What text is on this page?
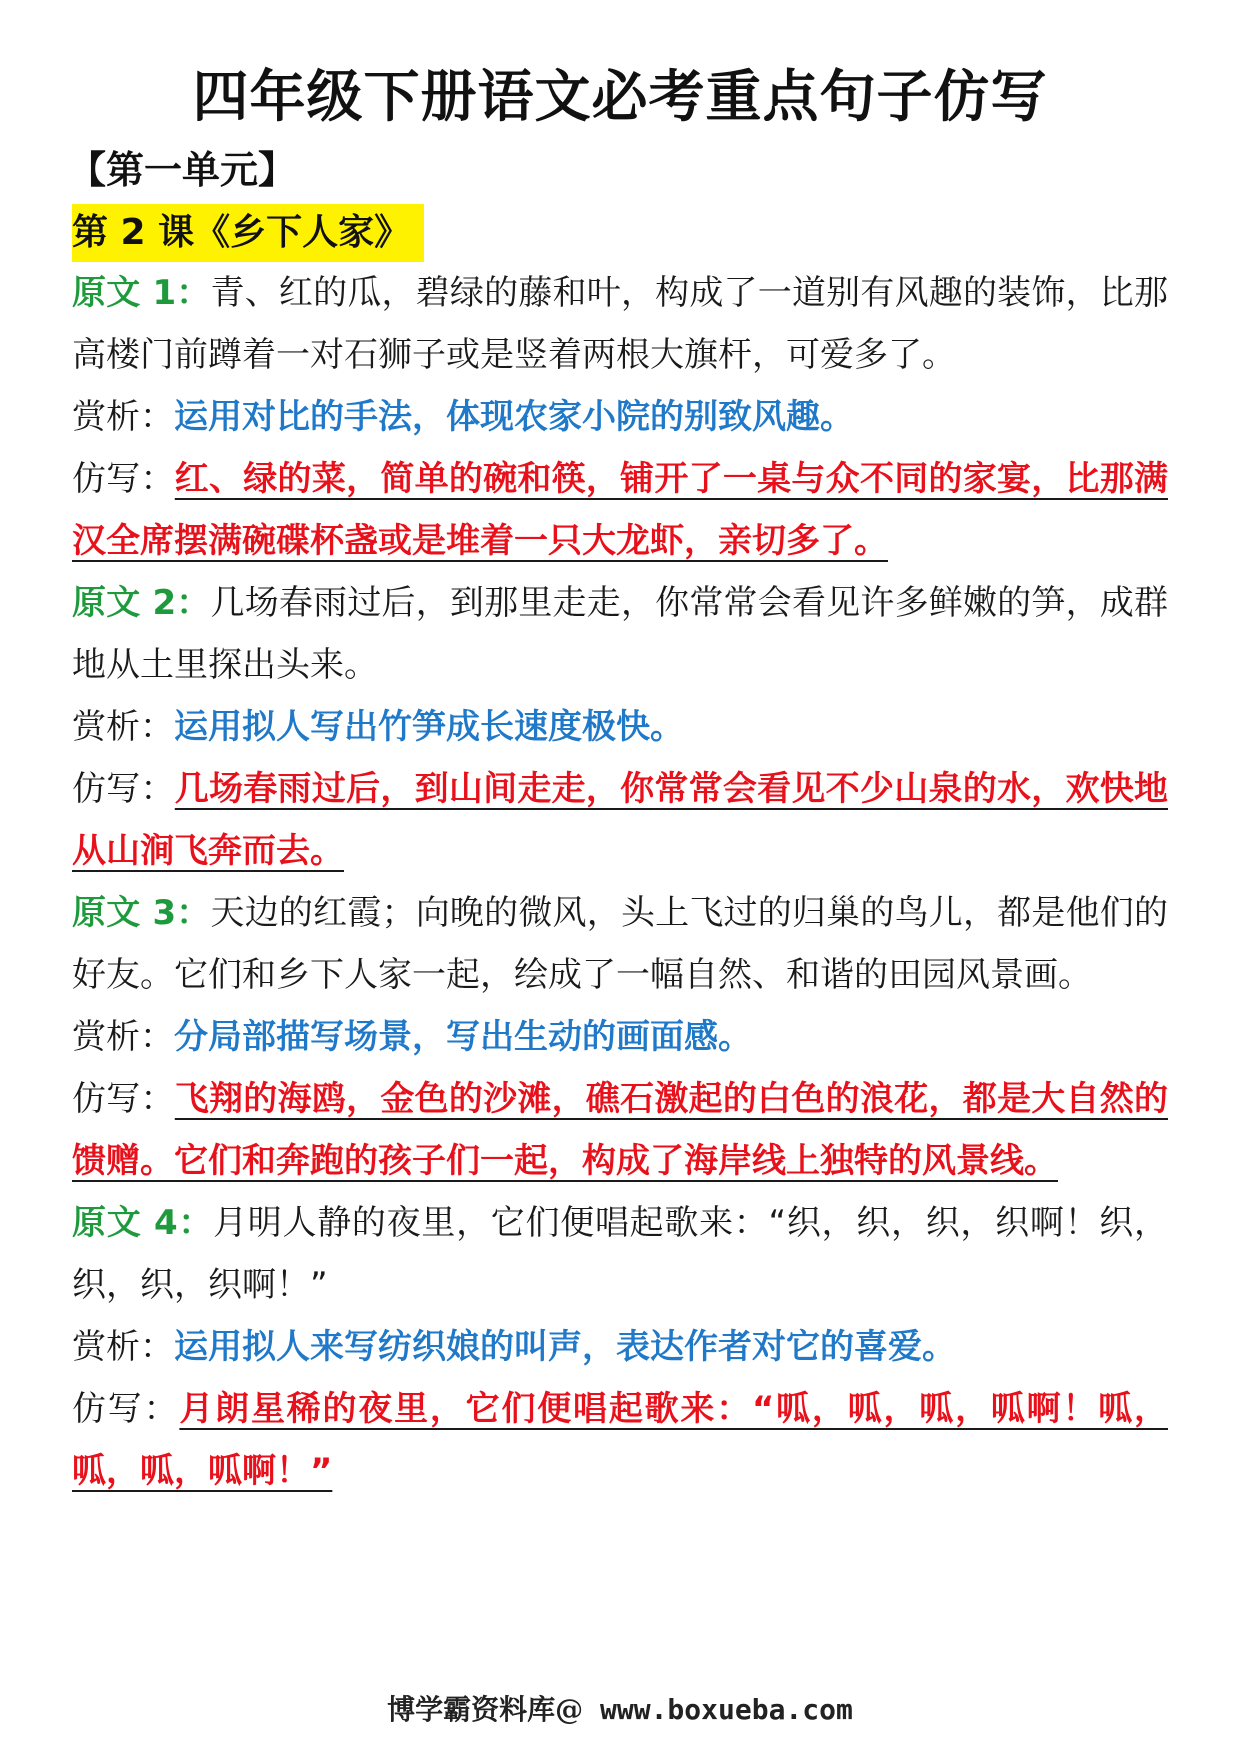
四年级下册语文必考重点句子仿写
【第一单元】
第 2 课《乡下人家》

原文 1：青、红的瓜，碧绿的藤和叶，构成了一道别有风趣的装饰，比那高楼门前蹲着一对石狮子或是竖着两根大旗杆，可爱多了。

赏析：运用对比的手法，体现农家小院的别致风趣。

仿写：红、绿的菜，简单的碗和筷，铺开了一桌与众不同的家宴，比那满汉全席摆满碗碟杯盏或是堆着一只大龙虾，亲切多了。

原文 2：几场春雨过后，到那里走走，你常常会看见许多鲜嫩的笋，成群地从土里探出头来。

赏析：运用拟人写出竹笋成长速度极快。

仿写：几场春雨过后，到山间走走，你常常会看见不少山泉的水，欢快地从山涧飞奔而去。

原文 3：天边的红霞；向晚的微风，头上飞过的归巢的鸟儿，都是他们的好友。它们和乡下人家一起，绘成了一幅自然、和谐的田园风景画。

赏析：分局部描写场景，写出生动的画面感。

仿写：飞翔的海鸥，金色的沙滩，礁石激起的白色的浪花，都是大自然的馈赠。它们和奔跑的孩子们一起，构成了海岸线上独特的风景线。

原文 4：月明人静的夜里，它们便唱起歌来：“织，织，织，织啊！织，织，织，织啊！”

赏析：运用拟人来写纺织娘的叫声，表达作者对它的喜爱。

仿写：月朗星稀的夜里，它们便唱起歌来：“呱，呱，呱，呱啊！呱，呱，呱，呱啊！”

博学霸资料库@ www.boxueba.com
